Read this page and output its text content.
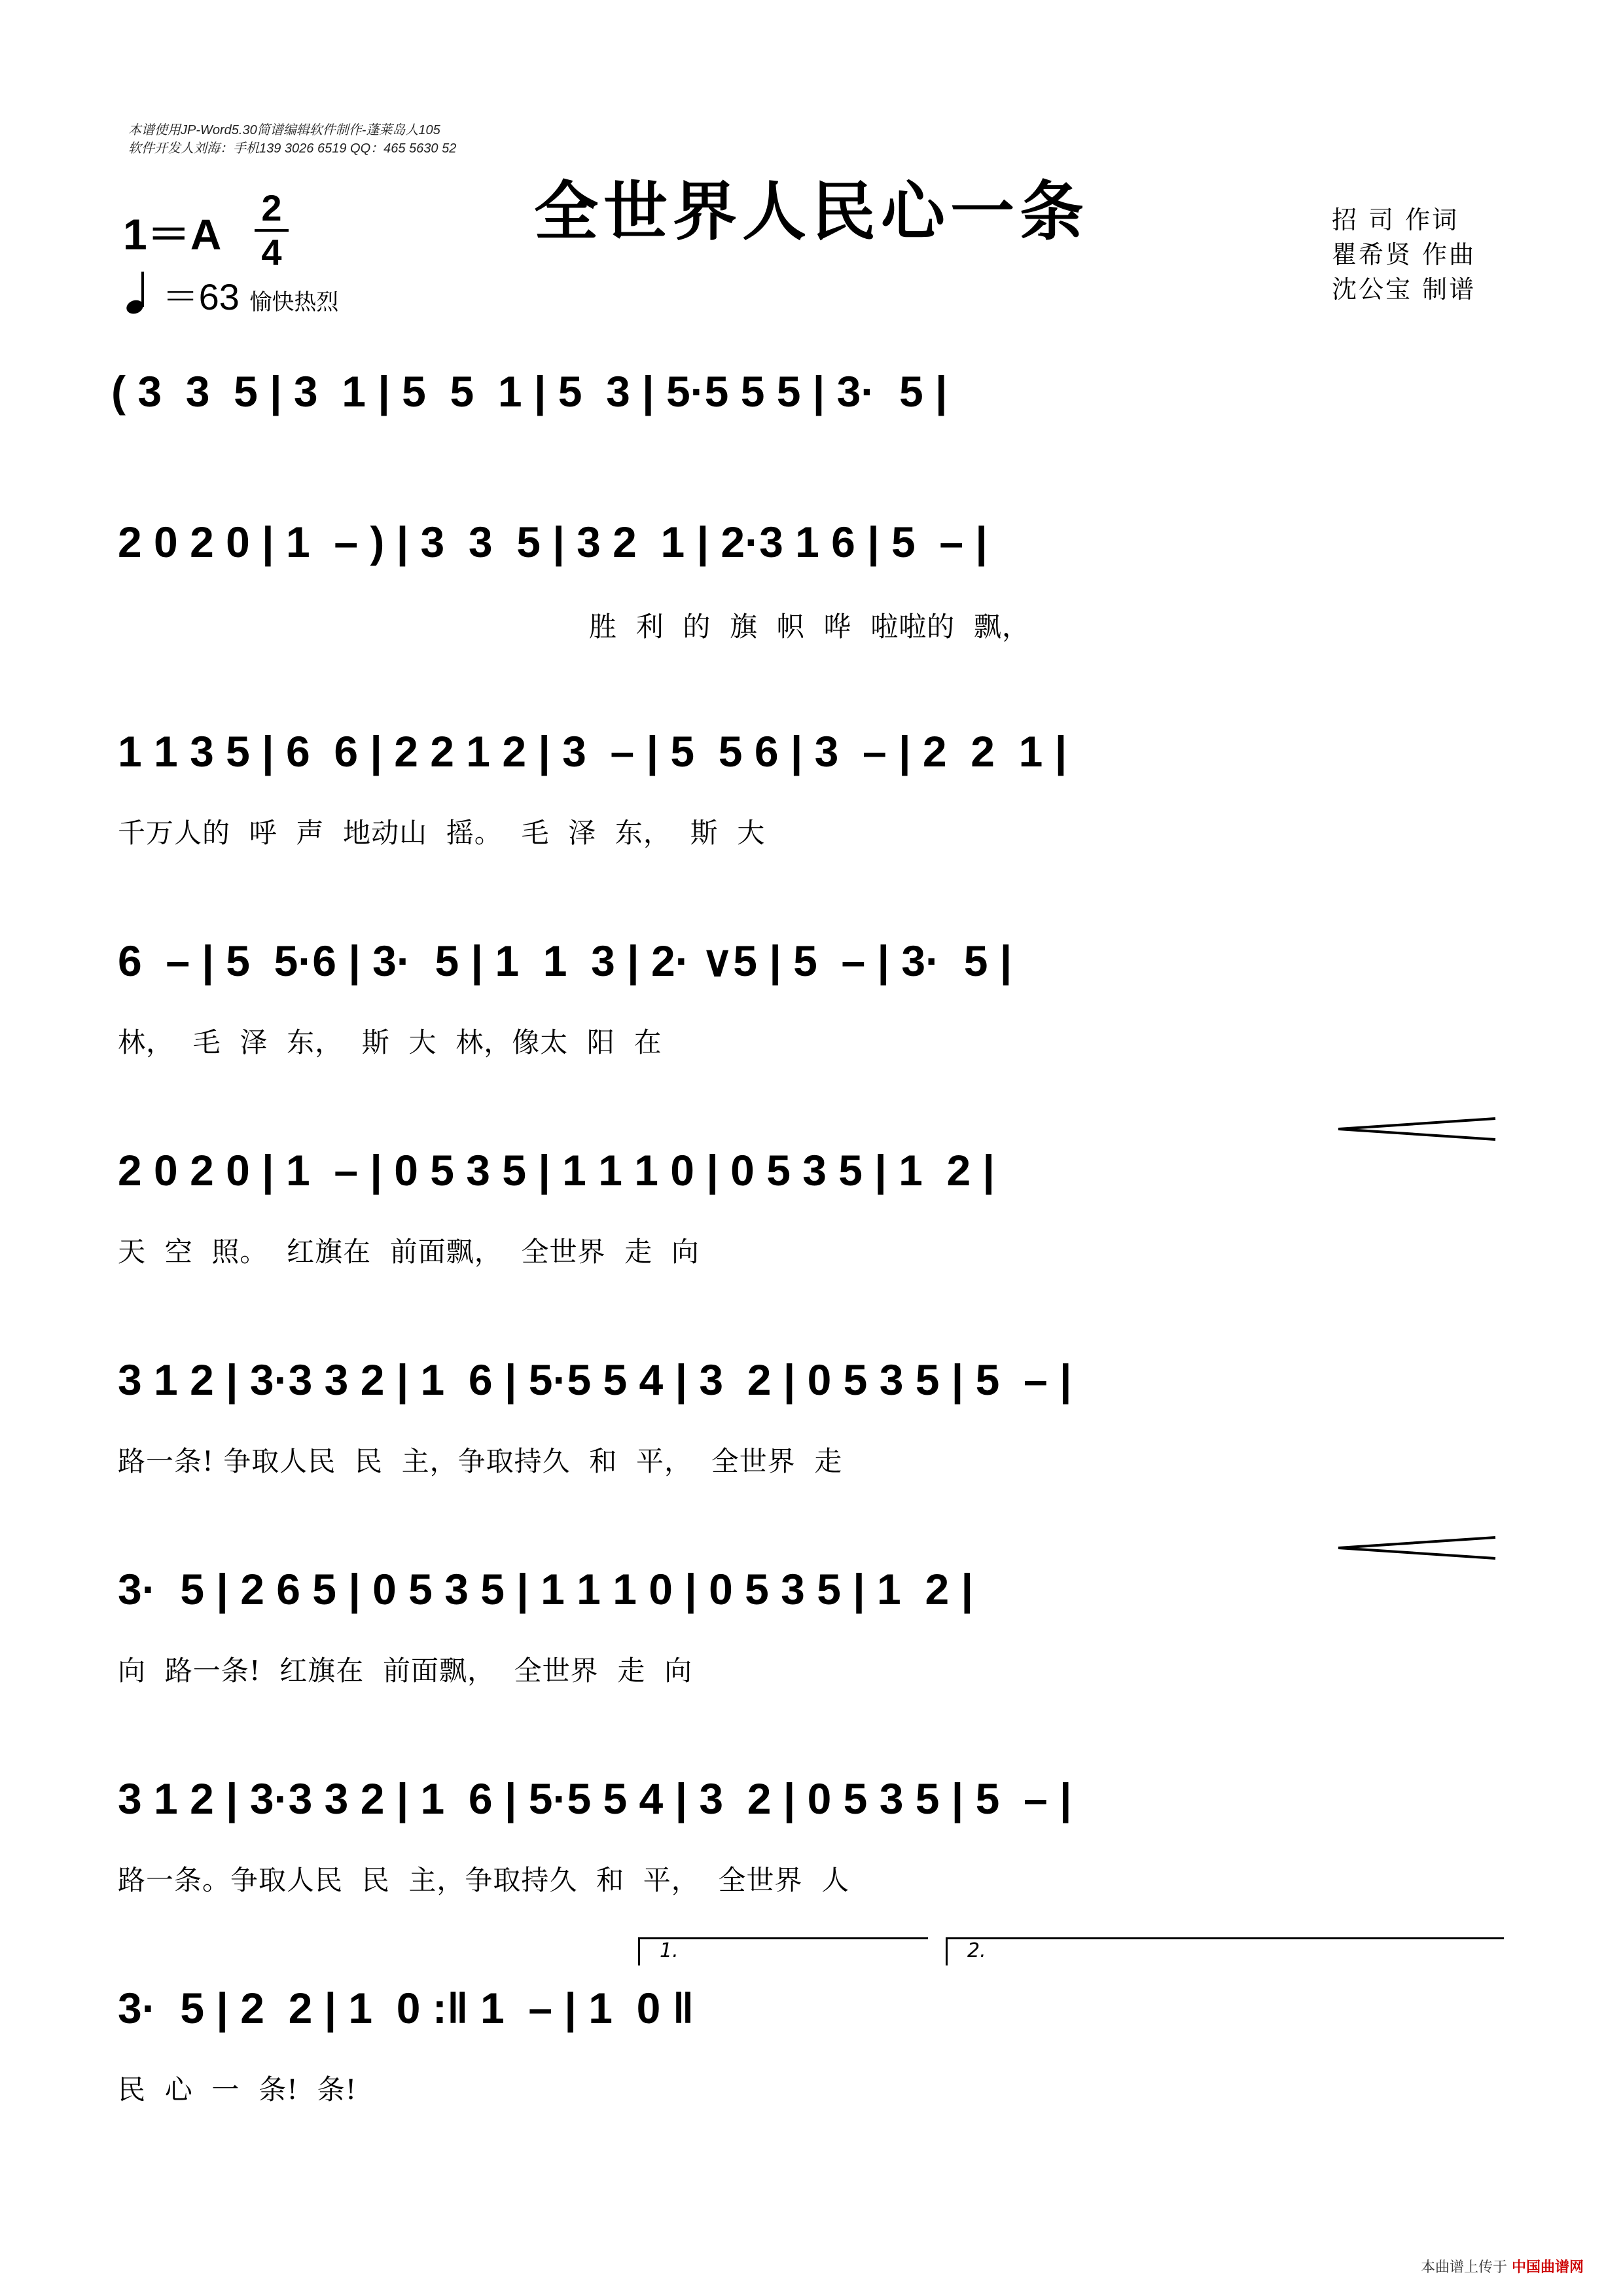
本谱使用JP-Word5.30简谱编辑软件制作-蓬莱岛人105
软件开发人刘海：手机139 3026 6519 QQ：465 5630 52
全世界人民心一条
1＝A
2
4
＝63 愉快热烈
招 司 作词
瞿希贤 作曲
沈公宝 制谱
( 3  3  5 | 3  1 | 5  5  1 | 5  3 | 5·5 5 5 | 3·  5 |
2 0 2 0 | 1  – ) | 3  3  5 | 3 2  1 | 2·3 1 6 | 5  – |
胜  利  的  旗  帜  哗  啦啦的  飘，
1 1 3 5 | 6  6 | 2 2 1 2 | 3  – | 5  5 6 | 3  – | 2  2  1 |
千万人的  呼  声  地动山  摇。  毛  泽  东，  斯  大
6  – | 5  5·6 | 3·  5 | 1  1  3 | 2· ∨5 | 5  – | 3·  5 |
林，  毛  泽  东，  斯  大  林，像太  阳  在
2 0 2 0 | 1  – | 0 5 3 5 | 1 1 1 0 | 0 5 3 5 | 1  2 |
天  空  照。  红旗在  前面飘，  全世界  走  向
3 1 2 | 3·3 3 2 | 1  6 | 5·5 5 4 | 3  2 | 0 5 3 5 | 5  – |
路一条! 争取人民  民  主，争取持久  和  平，  全世界  走
3·  5 | 2 6 5 | 0 5 3 5 | 1 1 1 0 | 0 5 3 5 | 1  2 |
向  路一条!  红旗在  前面飘，  全世界  走  向
3 1 2 | 3·3 3 2 | 1  6 | 5·5 5 4 | 3  2 | 0 5 3 5 | 5  – |
路一条。争取人民  民  主，争取持久  和  平，  全世界  人
1.	2.
3·  5 | 2  2 | 1  0 :‖ 1  – | 1  0 ‖
民  心  一  条!  条!
本曲谱上传于 中国曲谱网
